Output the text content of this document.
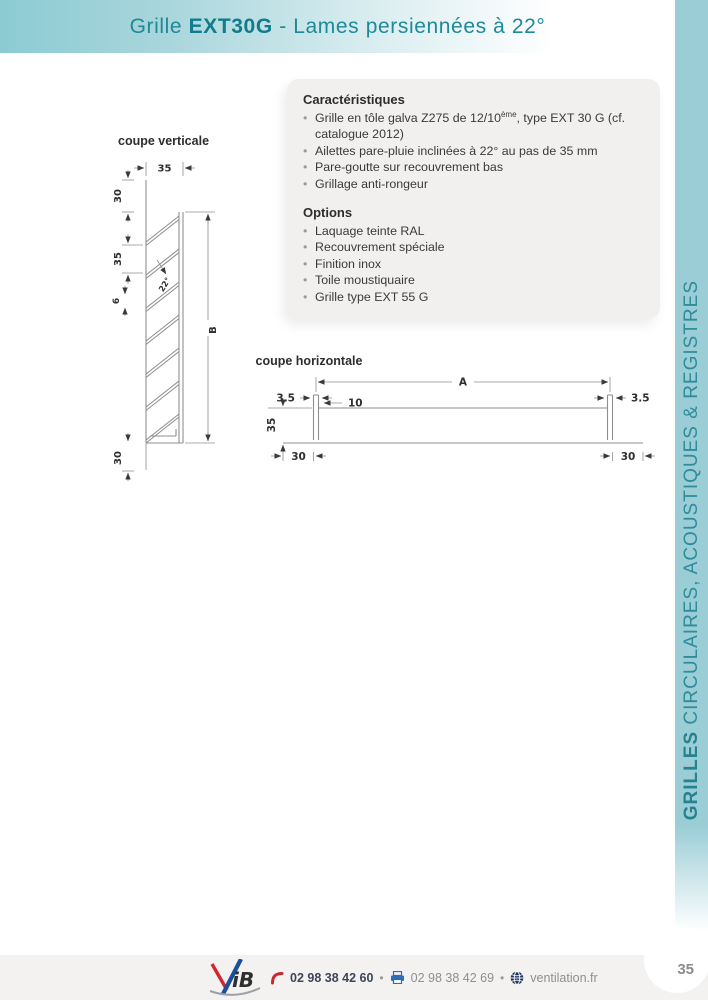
Grille EXT30G - Lames persiennées à 22°
GRILLES CIRCULAIRES, ACOUSTIQUES & REGISTRES
Caractéristiques
• Grille en tôle galva Z275 de 12/10ème, type EXT 30 G (cf. catalogue 2012)
• Ailettes pare-pluie inclinées à 22° au pas de 35 mm
• Pare-goutte sur recouvrement bas
• Grillage anti-rongeur
Options
• Laquage teinte RAL
• Recouvrement spéciale
• Finition inox
• Toile moustiquaire
• Grille type EXT 55 G
coupe verticale
35
30
35
6
22°
B
30
coupe horizontale
A
3.5	3.5
10
35
30	30
iB	02 98 38 42 60 • 02 98 38 42 69 • ventilation.fr	35
